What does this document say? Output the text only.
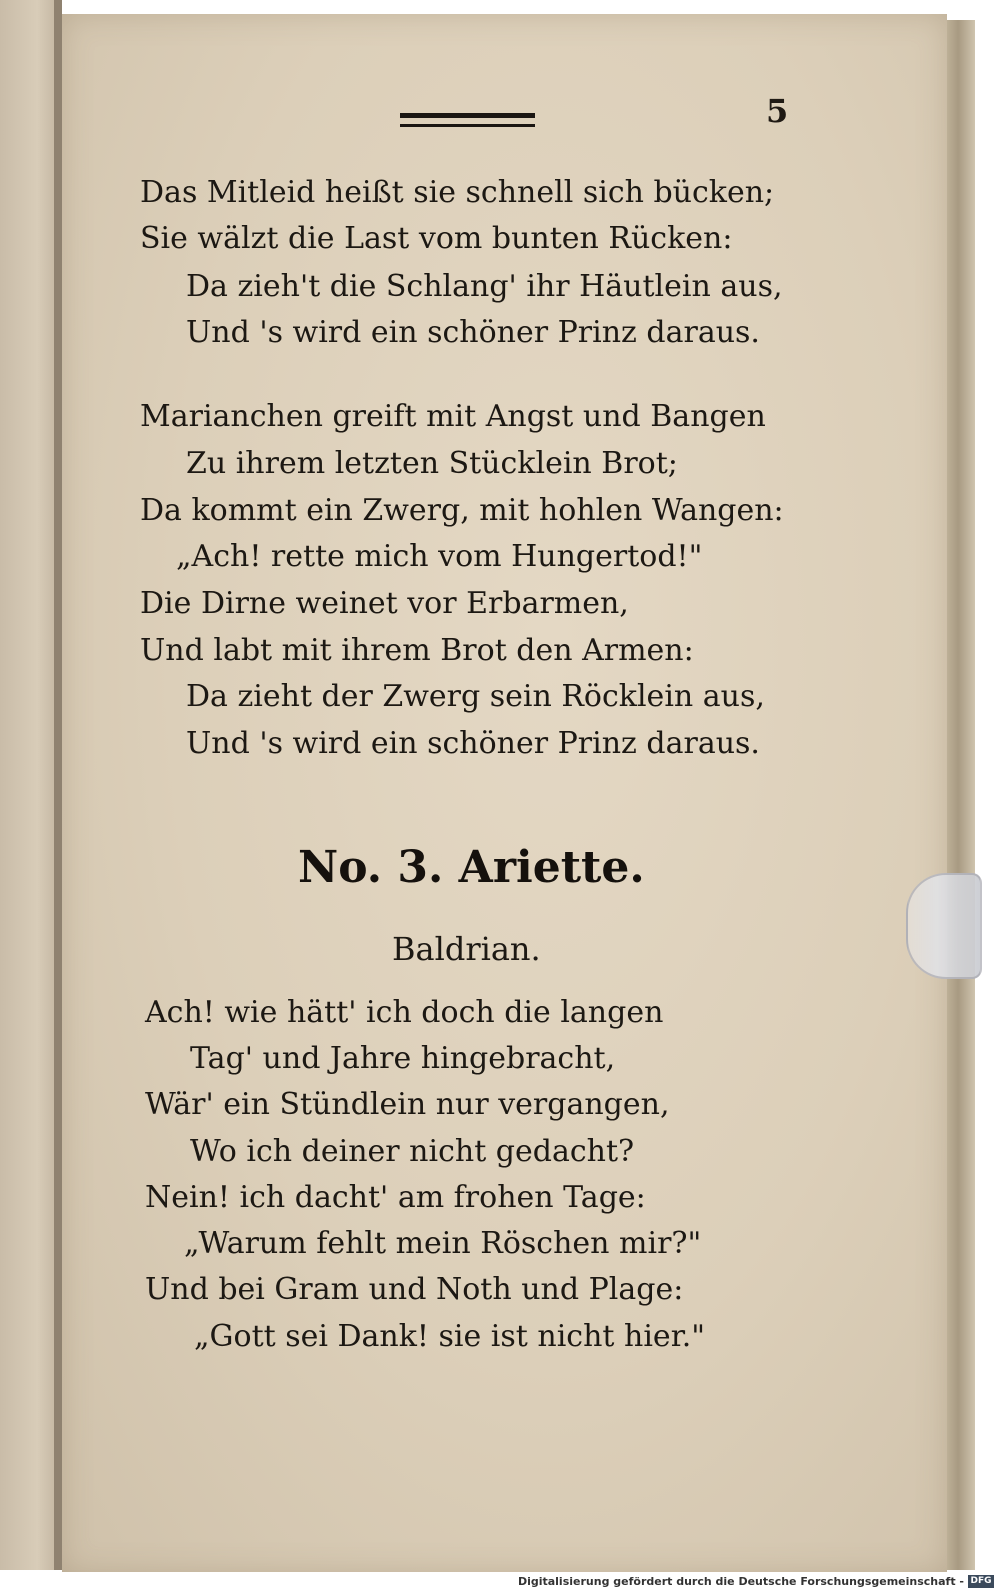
5
Das Mitleid heißt sie schnell sich bücken;
Sie wälzt die Last vom bunten Rücken:
Da zieh't die Schlang' ihr Häutlein aus,
Und 's wird ein schöner Prinz daraus.
Marianchen greift mit Angst und Bangen
Zu ihrem letzten Stücklein Brot;
Da kommt ein Zwerg, mit hohlen Wangen:
„Ach! rette mich vom Hungertod!"
Die Dirne weinet vor Erbarmen,
Und labt mit ihrem Brot den Armen:
Da zieht der Zwerg sein Röcklein aus,
Und 's wird ein schöner Prinz daraus.
No. 3. Ariette.
Baldrian.
Ach! wie hätt' ich doch die langen
Tag' und Jahre hingebracht,
Wär' ein Stündlein nur vergangen,
Wo ich deiner nicht gedacht?
Nein! ich dacht' am frohen Tage:
„Warum fehlt mein Röschen mir?"
Und bei Gram und Noth und Plage:
„Gott sei Dank! sie ist nicht hier."
Digitalisierung gefördert durch die Deutsche Forschungsgemeinschaft - DFG
